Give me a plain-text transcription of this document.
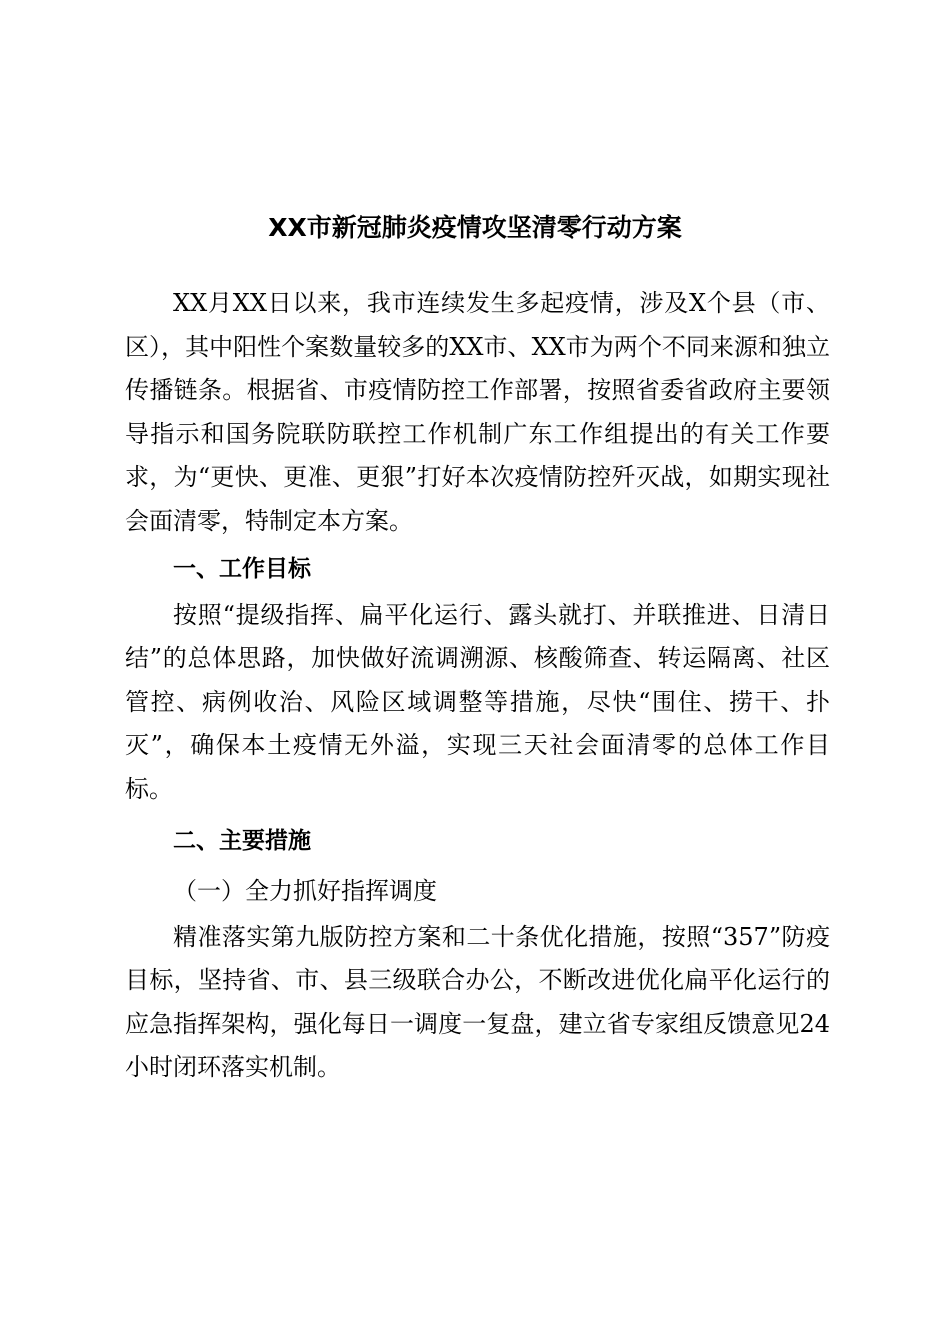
XX市新冠肺炎疫情攻坚清零行动方案

XX月XX日以来，我市连续发生多起疫情，涉及X个县（市、区），其中阳性个案数量较多的XX市、XX市为两个不同来源和独立传播链条。根据省、市疫情防控工作部署，按照省委省政府主要领导指示和国务院联防联控工作机制广东工作组提出的有关工作要求，为“更快、更准、更狠”打好本次疫情防控歼灭战，如期实现社会面清零，特制定本方案。

一、工作目标

按照“提级指挥、扁平化运行、露头就打、并联推进、日清日结”的总体思路，加快做好流调溯源、核酸筛查、转运隔离、社区管控、病例收治、风险区域调整等措施，尽快“围住、捞干、扑灭”，确保本土疫情无外溢，实现三天社会面清零的总体工作目标。

二、主要措施

（一）全力抓好指挥调度

精准落实第九版防控方案和二十条优化措施，按照“357”防疫目标，坚持省、市、县三级联合办公，不断改进优化扁平化运行的应急指挥架构，强化每日一调度一复盘，建立省专家组反馈意见24小时闭环落实机制。
